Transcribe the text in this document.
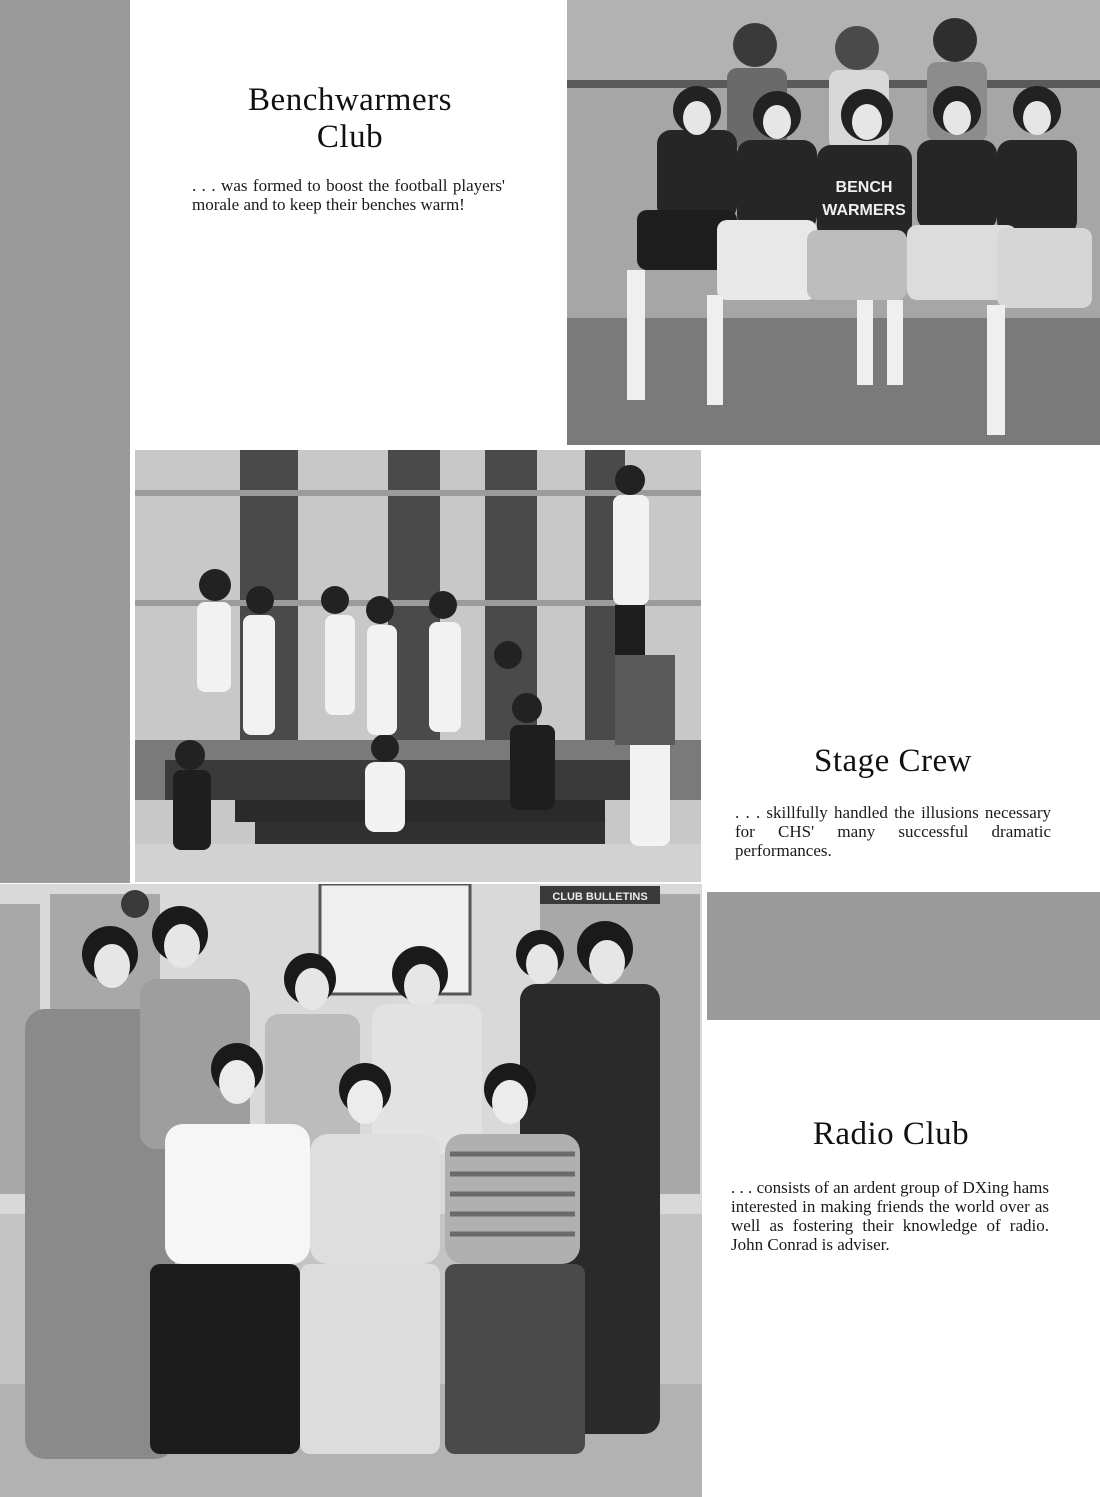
Benchwarmers
Club

. . . was formed to boost the football players' morale and to keep their benches warm!

BENCH
WARMERS
Stage Crew

. . . skillfully handled the illusions necessary for CHS' many successful dramatic performances.

CLUB BULLETINS
Radio Club

. . . consists of an ardent group of DXing hams interested in making friends the world over as well as fostering their knowledge of radio. John Conrad is adviser.
